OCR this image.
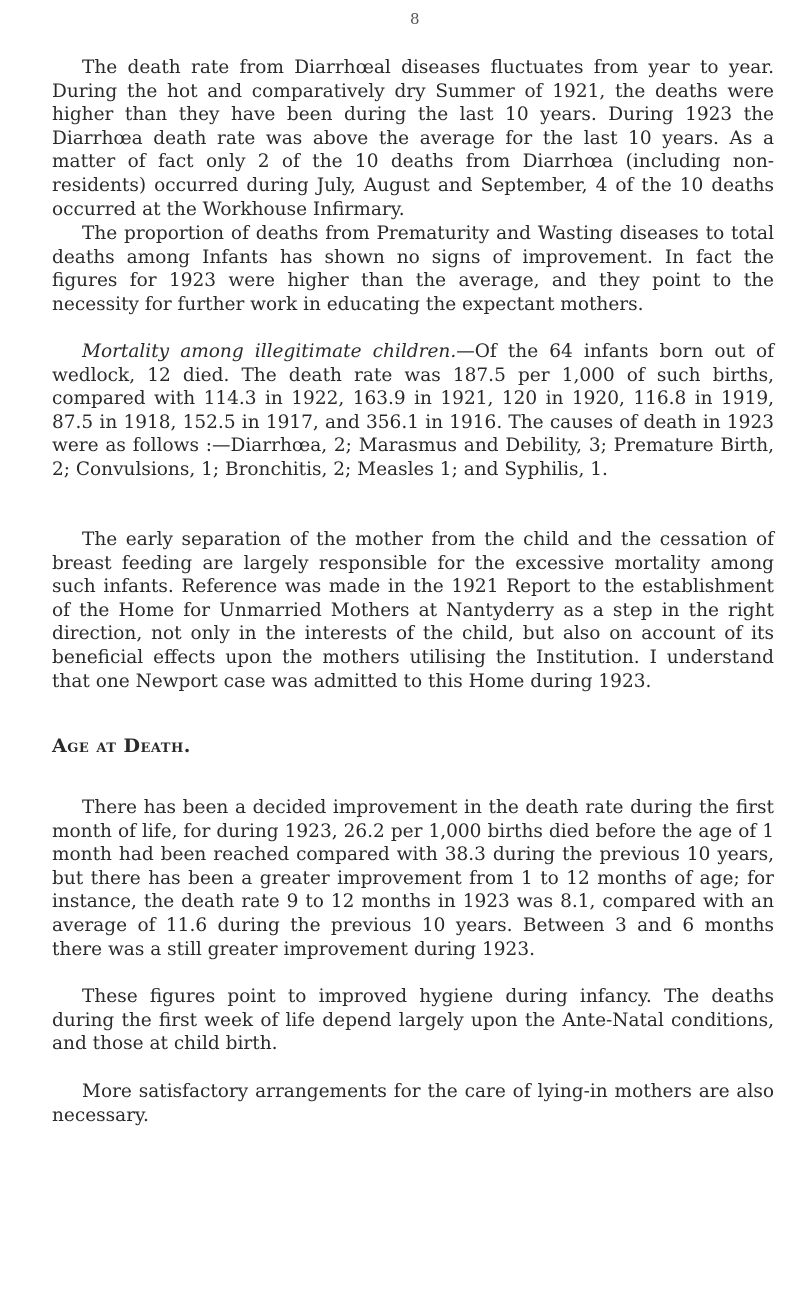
8

The death rate from Diarrhœal diseases fluctuates from year to year. During the hot and comparatively dry Summer of 1921, the deaths were higher than they have been during the last 10 years. During 1923 the Diarrhœa death rate was above the average for the last 10 years. As a matter of fact only 2 of the 10 deaths from Diarrhœa (including non-residents) occurred during July, August and September, 4 of the 10 deaths occurred at the Workhouse Infirmary.

The proportion of deaths from Prematurity and Wasting diseases to total deaths among Infants has shown no signs of improvement. In fact the figures for 1923 were higher than the average, and they point to the necessity for further work in educating the expectant mothers.

Mortality among illegitimate children.—Of the 64 infants born out of wedlock, 12 died. The death rate was 187.5 per 1,000 of such births, compared with 114.3 in 1922, 163.9 in 1921, 120 in 1920, 116.8 in 1919, 87.5 in 1918, 152.5 in 1917, and 356.1 in 1916. The causes of death in 1923 were as follows :—Diarrhœa, 2; Marasmus and Debility, 3; Premature Birth, 2; Convulsions, 1; Bronchitis, 2; Measles 1; and Syphilis, 1.

The early separation of the mother from the child and the cessation of breast feeding are largely responsible for the excessive mortality among such infants. Reference was made in the 1921 Report to the establishment of the Home for Unmarried Mothers at Nantyderry as a step in the right direction, not only in the interests of the child, but also on account of its beneficial effects upon the mothers utilising the Institution. I understand that one Newport case was admitted to this Home during 1923.

Age at Death.

There has been a decided improvement in the death rate during the first month of life, for during 1923, 26.2 per 1,000 births died before the age of 1 month had been reached compared with 38.3 during the previous 10 years, but there has been a greater improvement from 1 to 12 months of age; for instance, the death rate 9 to 12 months in 1923 was 8.1, compared with an average of 11.6 during the previous 10 years. Between 3 and 6 months there was a still greater improvement during 1923.

These figures point to improved hygiene during infancy. The deaths during the first week of life depend largely upon the Ante-Natal conditions, and those at child birth.

More satisfactory arrangements for the care of lying-in mothers are also necessary.
